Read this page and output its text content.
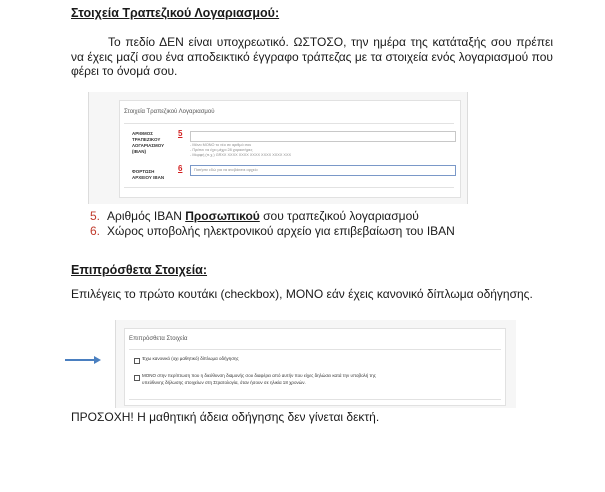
Στοιχεία Τραπεζικού Λογαριασμού:
Το πεδίο ΔΕΝ είναι υποχρεωτικό. ΩΣΤΟΣΟ, την ημέρα της κατάταξής σου πρέπει να έχεις μαζί σου ένα αποδεικτικό έγγραφο τράπεζας με τα στοιχεία ενός λογαριασμού που φέρει το όνομά σου.
Στοιχεία Τραπεζικού Λογαριασμού
ΑΡΙΘΜΟΣ
ΤΡΑΠΕΖΙΚΟΥ
ΛΟΓΑΡΙΑΣΜΟΥ
(IBAN)
5
- Μόνο ΜΟΝΟ το νέο σε αριθμό σου
- Πρέπει να έχει μέχρι 28 χαρακτήρες
- Μορφή (π.χ.) GRXX XXXX XXXX XXXX XXXX XXXX XXX
ΦΟΡΤΩΣΗ
ΑΡΧΕΙΟΥ IBAN
6	Πατήστε εδώ για να ανεβάσετε αρχείο
5. Αριθμός IBAN Προσωπικού σου τραπεζικού λογαριασμού
6. Χώρος υποβολής ηλεκτρονικού αρχείο για επιβεβαίωση του IBAN
Επιπρόσθετα Στοιχεία:
Επιλέγεις το πρώτο κουτάκι (checkbox), ΜΟΝΟ εάν έχεις κανονικό δίπλωμα οδήγησης.
Επιπρόσθετα Στοιχεία
Έχω κανονικό (οχι μαθητικό) δίπλωμα οδήγησης
ΜΟΝΟ στην περίπτωση που η διεύθυνση διαμονής σου διαφέρει από αυτήν που είχες δηλώσει κατά την υποβολή της
υπεύθυνης δήλωσης στοιχείων στη Στρατολογία, όταν ήσουν σε ηλικία 18 χρονών.
ΠΡΟΣΟΧΗ! Η μαθητική άδεια οδήγησης δεν γίνεται δεκτή.
